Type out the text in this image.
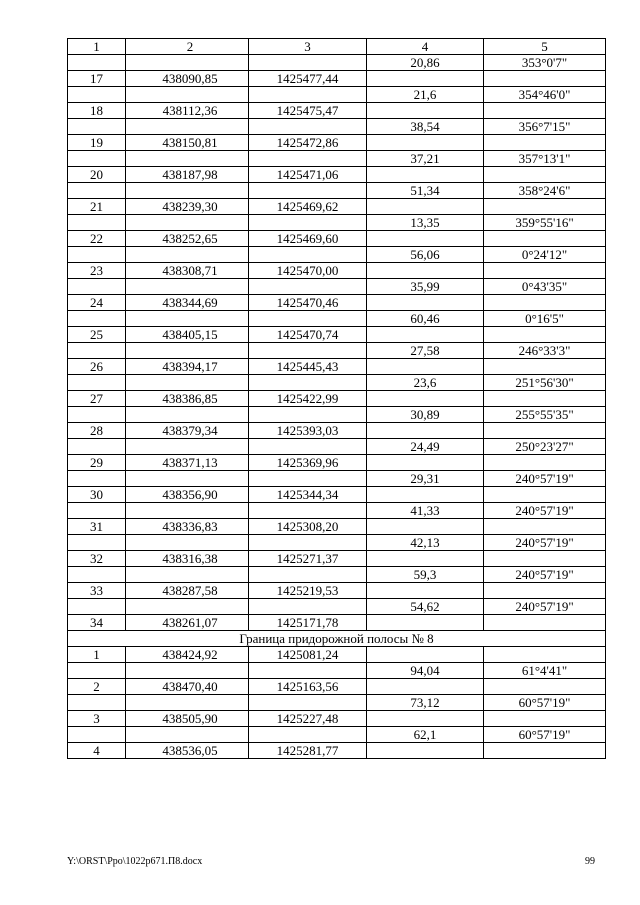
1	2	3	4	5
			20,86	353°0'7"
17	438090,85	1425477,44		
			21,6	354°46'0"
18	438112,36	1425475,47		
			38,54	356°7'15"
19	438150,81	1425472,86		
			37,21	357°13'1"
20	438187,98	1425471,06		
			51,34	358°24'6"
21	438239,30	1425469,62		
			13,35	359°55'16"
22	438252,65	1425469,60		
			56,06	0°24'12"
23	438308,71	1425470,00		
			35,99	0°43'35"
24	438344,69	1425470,46		
			60,46	0°16'5"
25	438405,15	1425470,74		
			27,58	246°33'3"
26	438394,17	1425445,43		
			23,6	251°56'30"
27	438386,85	1425422,99		
			30,89	255°55'35"
28	438379,34	1425393,03		
			24,49	250°23'27"
29	438371,13	1425369,96		
			29,31	240°57'19"
30	438356,90	1425344,34		
			41,33	240°57'19"
31	438336,83	1425308,20		
			42,13	240°57'19"
32	438316,38	1425271,37		
			59,3	240°57'19"
33	438287,58	1425219,53		
			54,62	240°57'19"
34	438261,07	1425171,78		
Граница придорожной полосы № 8				
1	438424,92	1425081,24		
			94,04	61°4'41"
2	438470,40	1425163,56		
			73,12	60°57'19"
3	438505,90	1425227,48		
			62,1	60°57'19"
4	438536,05	1425281,77		
Y:\ORST\Ppo\1022p671.П8.docx	99
